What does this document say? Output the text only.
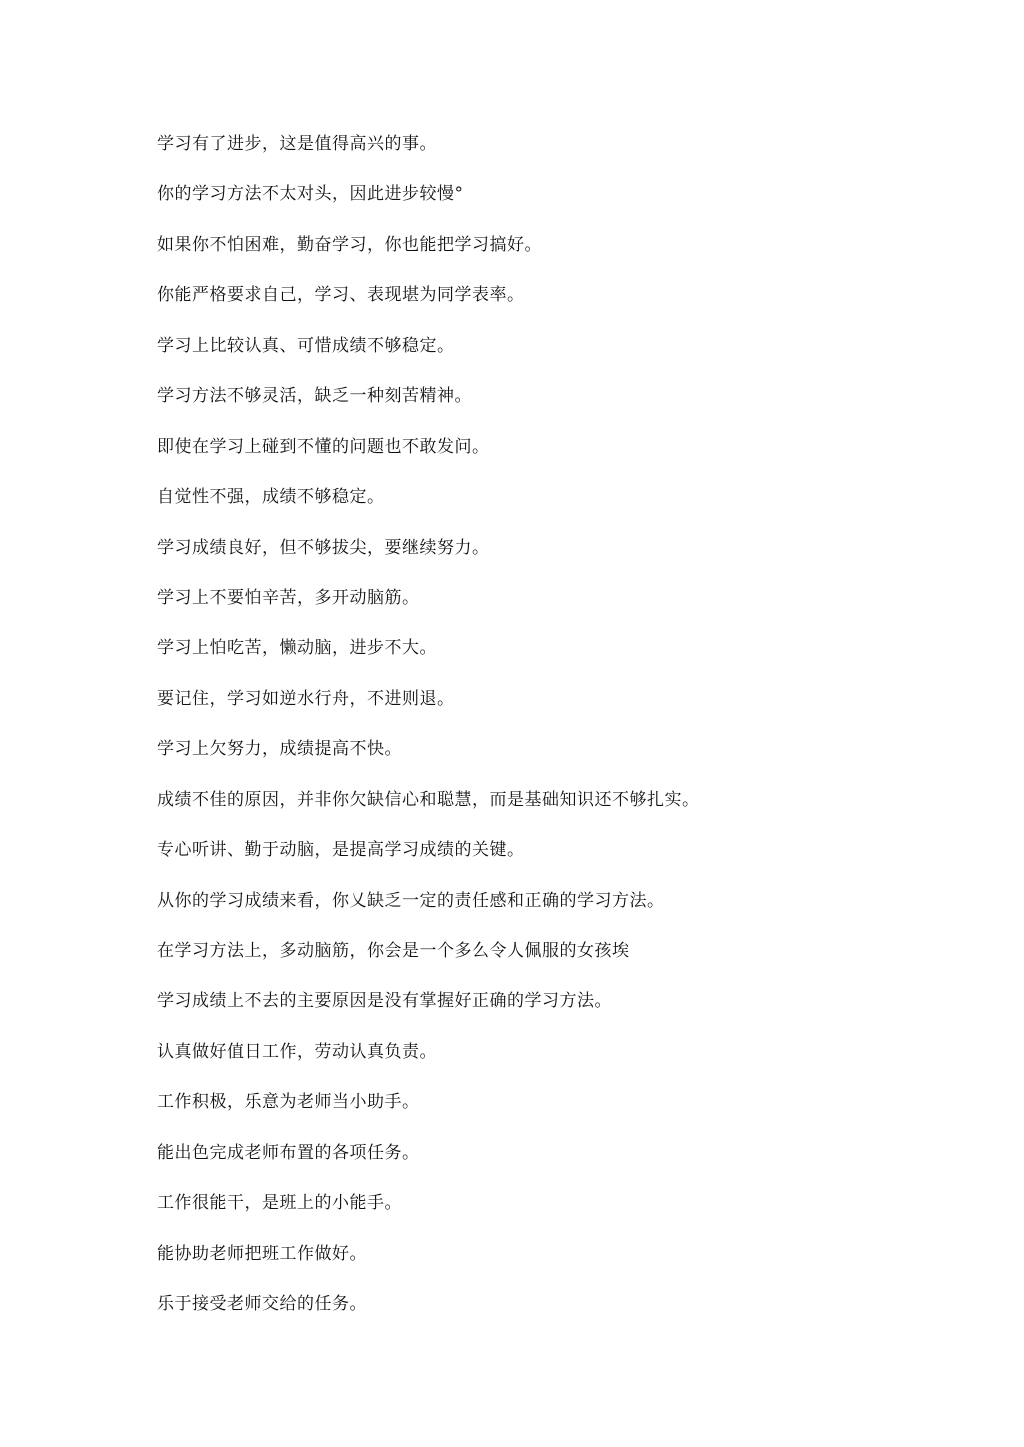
学习有了进步，这是值得高兴的事。
你的学习方法不太对头，因此进步较慢°
如果你不怕困难，勤奋学习，你也能把学习搞好。
你能严格要求自己，学习、表现堪为同学表率。
学习上比较认真、可惜成绩不够稳定。
学习方法不够灵活，缺乏一种刻苦精神。
即使在学习上碰到不懂的问题也不敢发问。
自觉性不强，成绩不够稳定。
学习成绩良好，但不够拔尖，要继续努力。
学习上不要怕辛苦，多开动脑筋。
学习上怕吃苦，懒动脑，进步不大。
要记住，学习如逆水行舟，不进则退。
学习上欠努力，成绩提高不快。
成绩不佳的原因，并非你欠缺信心和聪慧，而是基础知识还不够扎实。
专心听讲、勤于动脑，是提高学习成绩的关键。
从你的学习成绩来看，你乂缺乏一定的责任感和正确的学习方法。
在学习方法上，多动脑筋，你会是一个多么令人佩服的女孩埃
学习成绩上不去的主要原因是没有掌握好正确的学习方法。
认真做好值日工作，劳动认真负责。
工作积极，乐意为老师当小助手。
能出色完成老师布置的各项任务。
工作很能干，是班上的小能手。
能协助老师把班工作做好。
乐于接受老师交给的任务。
